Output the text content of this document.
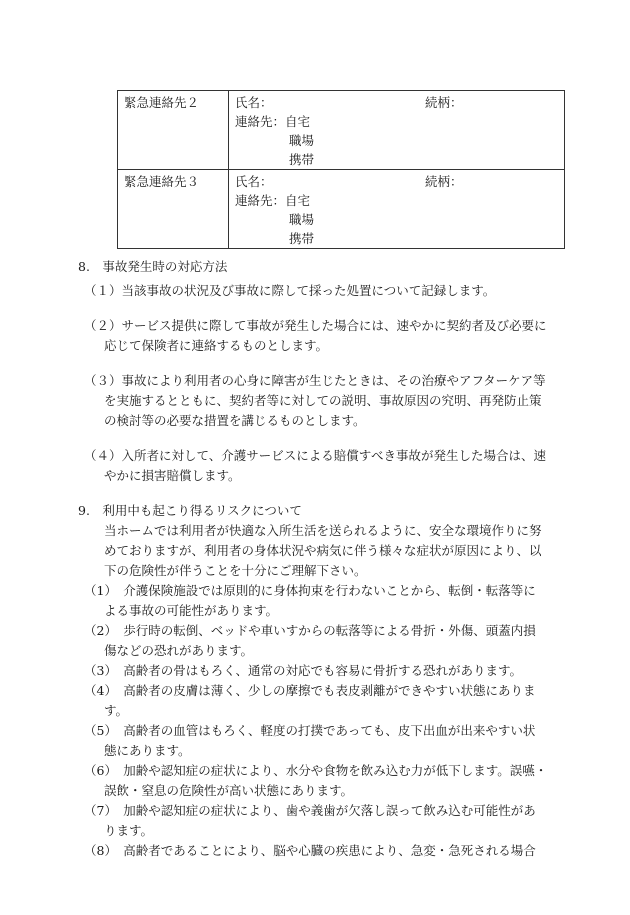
緊急連絡先２	氏名： 続柄：
連絡先：自宅
職場
携帯

緊急連絡先３	氏名： 続柄：
連絡先：自宅
職場
携帯
8.　事故発生時の対応方法
（１）当該事故の状況及び事故に際して採った処置について記録します。
（２）サービス提供に際して事故が発生した場合には、速やかに契約者及び必要に
応じて保険者に連絡するものとします。
（３）事故により利用者の心身に障害が生じたときは、その治療やアフターケア等
を実施するとともに、契約者等に対しての説明、事故原因の究明、再発防止策
の検討等の必要な措置を講じるものとします。
（４）入所者に対して、介護サービスによる賠償すべき事故が発生した場合は、速
やかに損害賠償します。
9.　利用中も起こり得るリスクについて
当ホームでは利用者が快適な入所生活を送られるように、安全な環境作りに努
めておりますが、利用者の身体状況や病気に伴う様々な症状が原因により、以
下の危険性が伴うことを十分にご理解下さい。
（1）　介護保険施設では原則的に身体拘束を行わないことから、転倒・転落等に
よる事故の可能性があります。
（2）　歩行時の転倒、ベッドや車いすからの転落等による骨折・外傷、頭蓋内損
傷などの恐れがあります。
（3）　高齢者の骨はもろく、通常の対応でも容易に骨折する恐れがあります。
（4）　高齢者の皮膚は薄く、少しの摩擦でも表皮剥離ができやすい状態にありま
す。
（5）　高齢者の血管はもろく、軽度の打撲であっても、皮下出血が出来やすい状
態にあります。
（6）　加齢や認知症の症状により、水分や食物を飲み込む力が低下します。誤嚥・
誤飲・窒息の危険性が高い状態にあります。
（7）　加齢や認知症の症状により、歯や義歯が欠落し誤って飲み込む可能性があ
ります。
（8）　高齢者であることにより、脳や心臓の疾患により、急変・急死される場合
